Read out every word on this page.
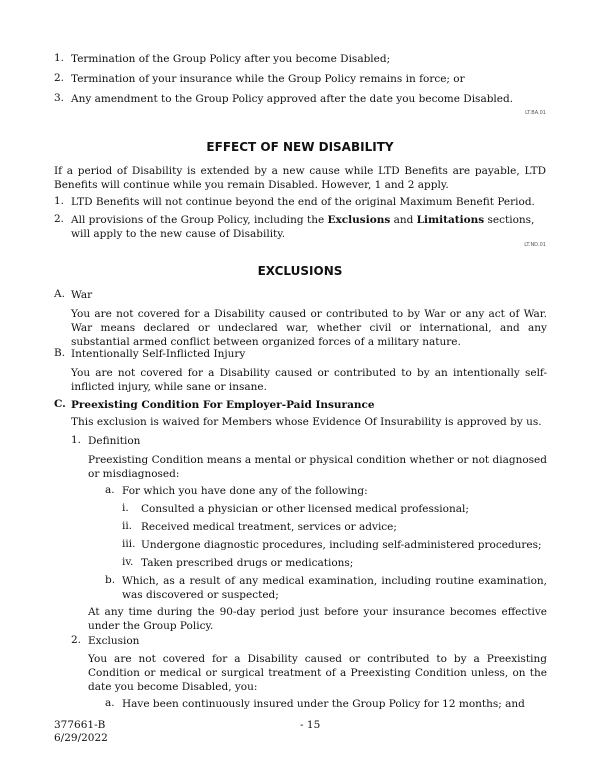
1. Termination of the Group Policy after you become Disabled;
2. Termination of your insurance while the Group Policy remains in force; or
3. Any amendment to the Group Policy approved after the date you become Disabled.
LT.BA.01
EFFECT OF NEW DISABILITY
If a period of Disability is extended by a new cause while LTD Benefits are payable, LTD Benefits will continue while you remain Disabled. However, 1 and 2 apply.
1. LTD Benefits will not continue beyond the end of the original Maximum Benefit Period.
2. All provisions of the Group Policy, including the Exclusions and Limitations sections, will apply to the new cause of Disability.
LT.ND.01
EXCLUSIONS
A. War
You are not covered for a Disability caused or contributed to by War or any act of War. War means declared or undeclared war, whether civil or international, and any substantial armed conflict between organized forces of a military nature.
B. Intentionally Self-Inflicted Injury
You are not covered for a Disability caused or contributed to by an intentionally self-inflicted injury, while sane or insane.
C. Preexisting Condition For Employer-Paid Insurance
This exclusion is waived for Members whose Evidence Of Insurability is approved by us.
1. Definition
Preexisting Condition means a mental or physical condition whether or not diagnosed or misdiagnosed:
a. For which you have done any of the following:
i. Consulted a physician or other licensed medical professional;
ii. Received medical treatment, services or advice;
iii. Undergone diagnostic procedures, including self-administered procedures;
iv. Taken prescribed drugs or medications;
b. Which, as a result of any medical examination, including routine examination, was discovered or suspected;
At any time during the 90-day period just before your insurance becomes effective under the Group Policy.
2. Exclusion
You are not covered for a Disability caused or contributed to by a Preexisting Condition or medical or surgical treatment of a Preexisting Condition unless, on the date you become Disabled, you:
a. Have been continuously insured under the Group Policy for 12 months; and
377661-B
6/29/2022
- 15
